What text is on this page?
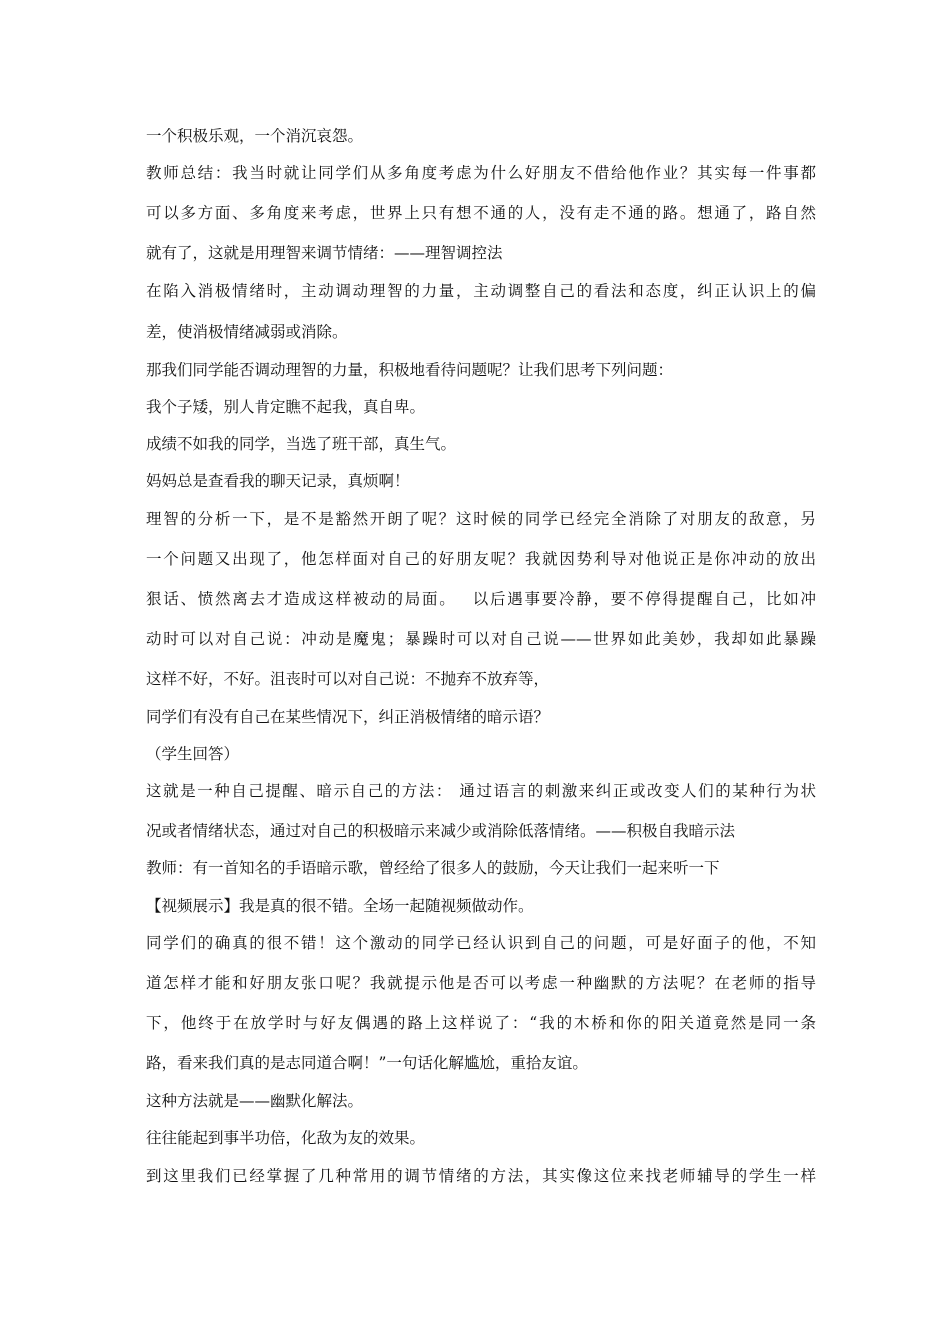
一个积极乐观，一个消沉哀怨。
教师总结：我当时就让同学们从多角度考虑为什么好朋友不借给他作业？其实每一件事都
可以多方面、多角度来考虑，世界上只有想不通的人，没有走不通的路。想通了，路自然
就有了，这就是用理智来调节情绪：——理智调控法
在陷入消极情绪时，主动调动理智的力量，主动调整自己的看法和态度，纠正认识上的偏
差，使消极情绪减弱或消除。
那我们同学能否调动理智的力量，积极地看待问题呢？让我们思考下列问题：
我个子矮，别人肯定瞧不起我，真自卑。
成绩不如我的同学，当选了班干部，真生气。
妈妈总是查看我的聊天记录，真烦啊！
理智的分析一下，是不是豁然开朗了呢？这时候的同学已经完全消除了对朋友的敌意，另
一个问题又出现了，他怎样面对自己的好朋友呢？我就因势利导对他说正是你冲动的放出
狠话、愤然离去才造成这样被动的局面。　 以后遇事要冷静，要不停得提醒自己，比如冲
动时可以对自己说：冲动是魔鬼；暴躁时可以对自己说——世界如此美妙，我却如此暴躁
这样不好，不好。沮丧时可以对自己说：不抛弃不放弃等，
同学们有没有自己在某些情况下，纠正消极情绪的暗示语？
（学生回答）
这就是一种自己提醒、暗示自己的方法： 通过语言的刺激来纠正或改变人们的某种行为状
况或者情绪状态，通过对自己的积极暗示来减少或消除低落情绪。——积极自我暗示法
教师：有一首知名的手语暗示歌，曾经给了很多人的鼓励，今天让我们一起来听一下
【视频展示】我是真的很不错。全场一起随视频做动作。
同学们的确真的很不错！这个激动的同学已经认识到自己的问题，可是好面子的他，不知
道怎样才能和好朋友张口呢？我就提示他是否可以考虑一种幽默的方法呢？在老师的指导
下，他终于在放学时与好友偶遇的路上这样说了：“我的木桥和你的阳关道竟然是同一条
路，看来我们真的是志同道合啊！”一句话化解尴尬，重拾友谊。
这种方法就是——幽默化解法。
往往能起到事半功倍，化敌为友的效果。
到这里我们已经掌握了几种常用的调节情绪的方法，其实像这位来找老师辅导的学生一样
